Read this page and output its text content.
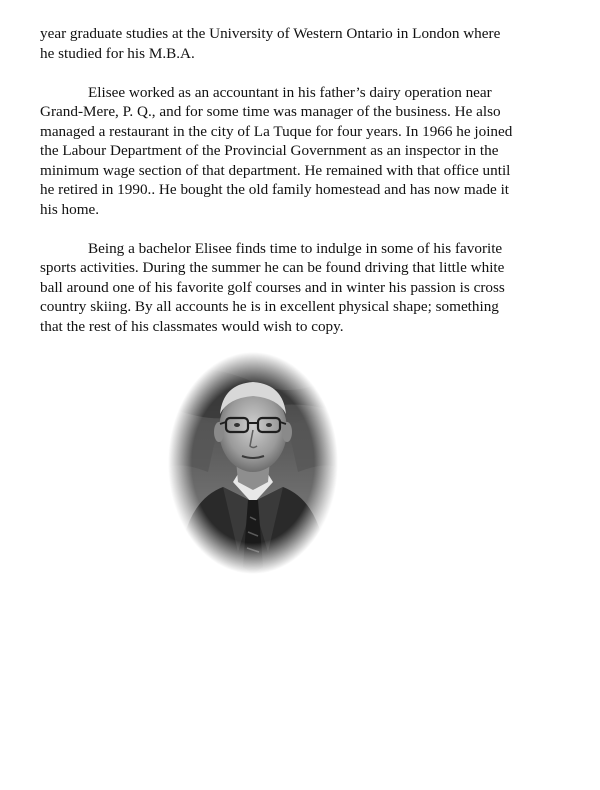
year graduate studies at the University of Western Ontario in London where
he studied for his M.B.A.
Elisee worked as an accountant in his father’s dairy operation near
Grand-Mere, P. Q., and for some time was manager of the business. He also
managed a restaurant in the city of La Tuque for four years. In 1966 he joined
the Labour Department of the Provincial Government as an inspector in the
minimum wage section of that department. He remained with that office until
he retired in 1990.. He bought the old family homestead and has now made it
his home.
Being a bachelor Elisee finds time to indulge in some of his favorite
sports activities. During the summer he can be found driving that little white
ball around one of his favorite golf courses and in winter his passion is cross
country skiing. By all accounts he is in excellent physical shape; something
that the rest of his classmates would wish to copy.
